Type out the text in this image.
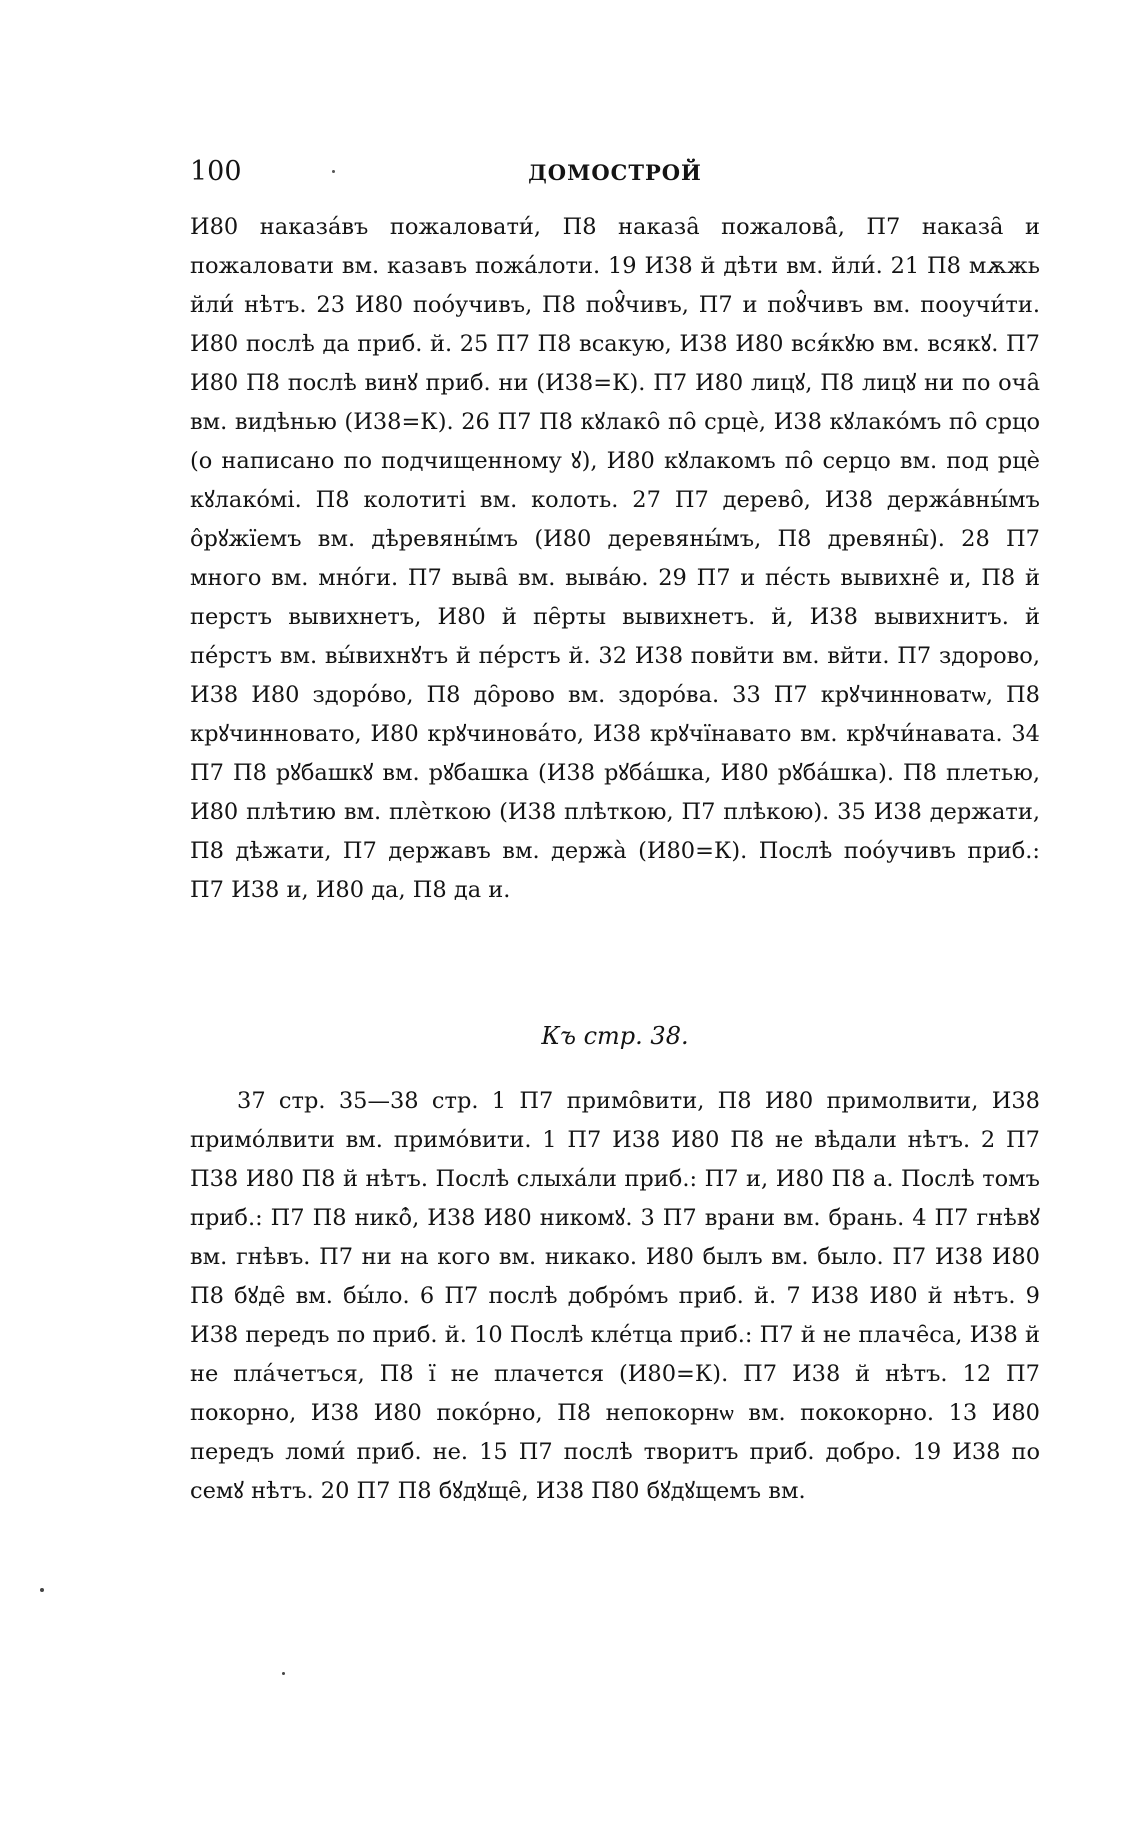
100	ДОМОСТРОЙ

И80 наказа́въ пожаловати́, П8 наказа̑ пожалова̑̓, П7 наказа̑ и пожаловати вм. казавъ пожа́лоти. 19 И38 й дѣти вм. йли́. 21 П8 мѫжь йли́ нѣтъ. 23 И80 поо́учивъ, П8 поꙋ̂чивъ, П7 и поꙋ̂чивъ вм. пооучи́ти. И80 послѣ да приб. й. 25 П7 П8 всакую, И38 И80 вся́кꙋю вм. всякꙋ. П7 И80 П8 послѣ винꙋ приб. ни (И38=К). П7 И80 лицꙋ, П8 лицꙋ ни по оча̑ вм. видѣнью (И38=К). 26 П7 П8 кꙋлако̑ по̑ срцѐ, И38 кꙋлако́мъ по̑ срцо (о написано по подчищенному ꙋ), И80 кꙋлакомъ по̑ серцо вм. под рцѐ кꙋлако́мі. П8 колотиті вм. колоть. 27 П7 дерево̑, И38 держа́вны́мъ ôрꙋжїемъ вм. дѣревяны́мъ (И80 деревяны́мъ, П8 древяны̑). 28 П7 много вм. мно́ги. П7 выва̑ вм. выва́ю. 29 П7 и пе́сть вывихне̑ и, П8 й перстъ вывихнетъ, И80 й пе̑рты вывихнетъ. й, И38 вывихнитъ. й пе́рстъ вм. вы́вихнꙋтъ й пе́рстъ й. 32 И38 повйти вм. вйти. П7 здорово, И38 И80 здоро́во, П8 до̑рово вм. здоро́ва. 33 П7 крꙋчинноватѡ, П8 крꙋчинновато, И80 крꙋчинова́то, И38 крꙋчїнавато вм. крꙋчи́навата. 34 П7 П8 рꙋбашкꙋ вм. рꙋбашка (И38 рꙋба́шка, И80 рꙋба́шка). П8 плетью, И80 плѣтию вм. плѐткою (И38 плѣткою, П7 плѣкою). 35 И38 держати, П8 дѣжати, П7 державъ вм. держа̀ (И80=К). Послѣ поо́учивъ приб.: П7 И38 и, И80 да, П8 да и.

Къ стр. 38.

37 стр. 35—38 стр. 1 П7 примо̑вити, П8 И80 примолвити, И38 примо́лвити вм. примо́вити. 1 П7 И38 И80 П8 не вѣдали нѣтъ. 2 П7 П38 И80 П8 й нѣтъ. Послѣ слыха́ли приб.: П7 и, И80 П8 а. Послѣ томъ приб.: П7 П8 нико̑̓, И38 И80 никомꙋ. 3 П7 врани вм. брань. 4 П7 гнѣвꙋ вм. гнѣвъ. П7 ни на кого вм. никако. И80 былъ вм. было. П7 И38 И80 П8 бꙋде̑ вм. бы́ло. 6 П7 послѣ добро́мъ приб. й. 7 И38 И80 й нѣтъ. 9 И38 передъ по приб. й. 10 Послѣ кле́тца приб.: П7 й не плаче̑са, И38 й не пла́четъся, П8 ї не плачется (И80=К). П7 И38 й нѣтъ. 12 П7 покорно, И38 И80 поко́рно, П8 непокорнѡ вм. пококорно. 13 И80 передъ ломи́ приб. не. 15 П7 послѣ творитъ приб. добро. 19 И38 по семꙋ нѣтъ. 20 П7 П8 бꙋдꙋще̑, И38 П80 бꙋдꙋщемъ вм.
